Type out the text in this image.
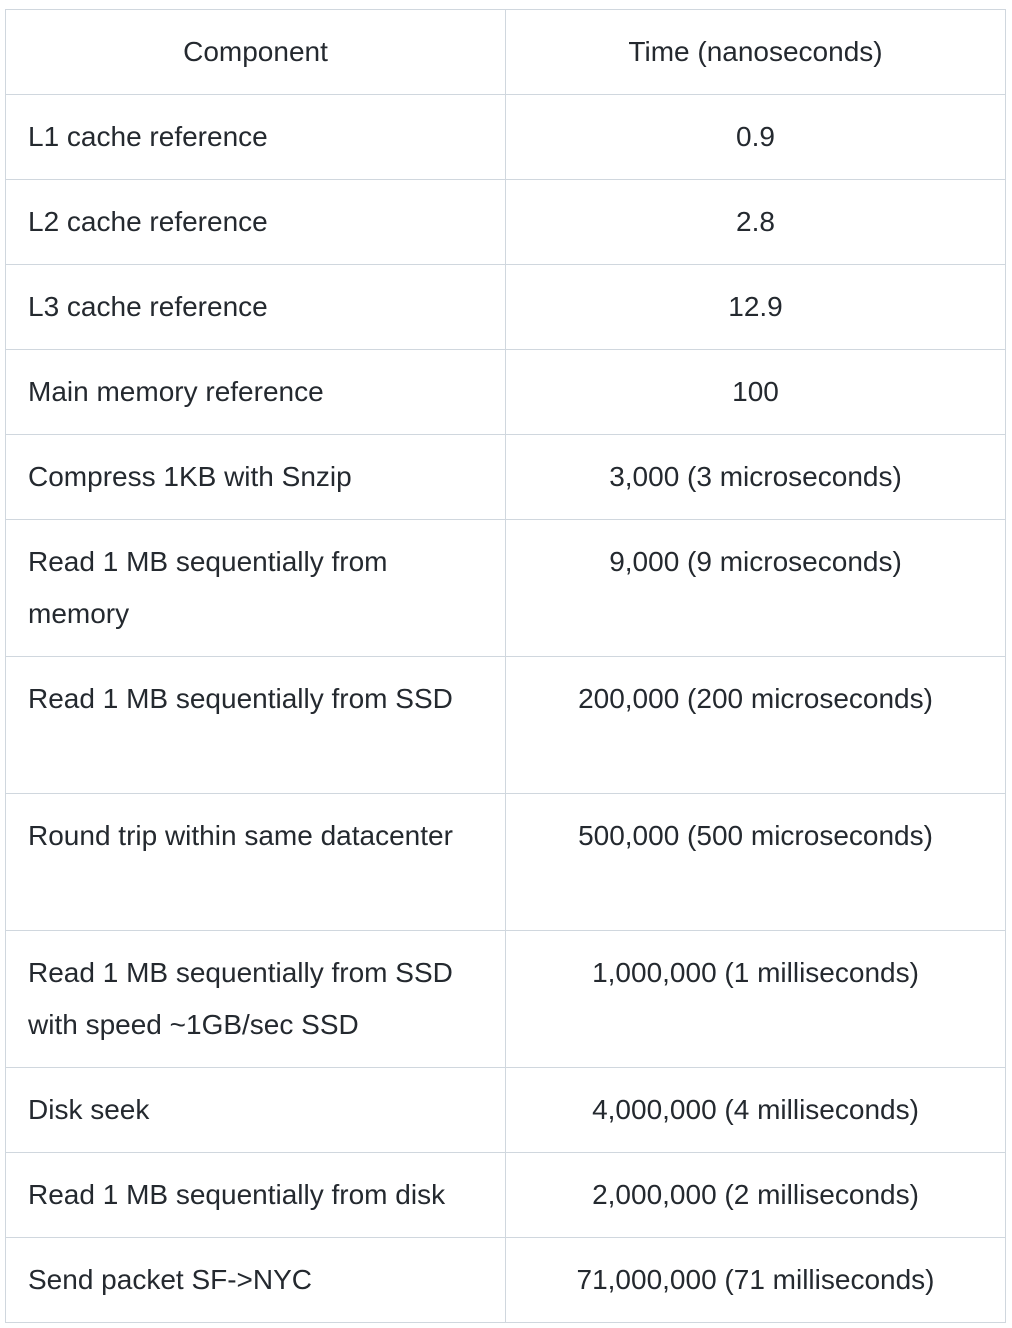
Component	Time (nanoseconds)
L1 cache reference	0.9
L2 cache reference	2.8
L3 cache reference	12.9
Main memory reference	100
Compress 1KB with Snzip	3,000 (3 microseconds)
Read 1 MB sequentially from memory	9,000 (9 microseconds)
Read 1 MB sequentially from SSD	200,000 (200 microseconds)
Round trip within same datacenter	500,000 (500 microseconds)
Read 1 MB sequentially from SSD with speed ~1GB/sec SSD	1,000,000 (1 milliseconds)
Disk seek	4,000,000 (4 milliseconds)
Read 1 MB sequentially from disk	2,000,000 (2 milliseconds)
Send packet SF->NYC	71,000,000 (71 milliseconds)
